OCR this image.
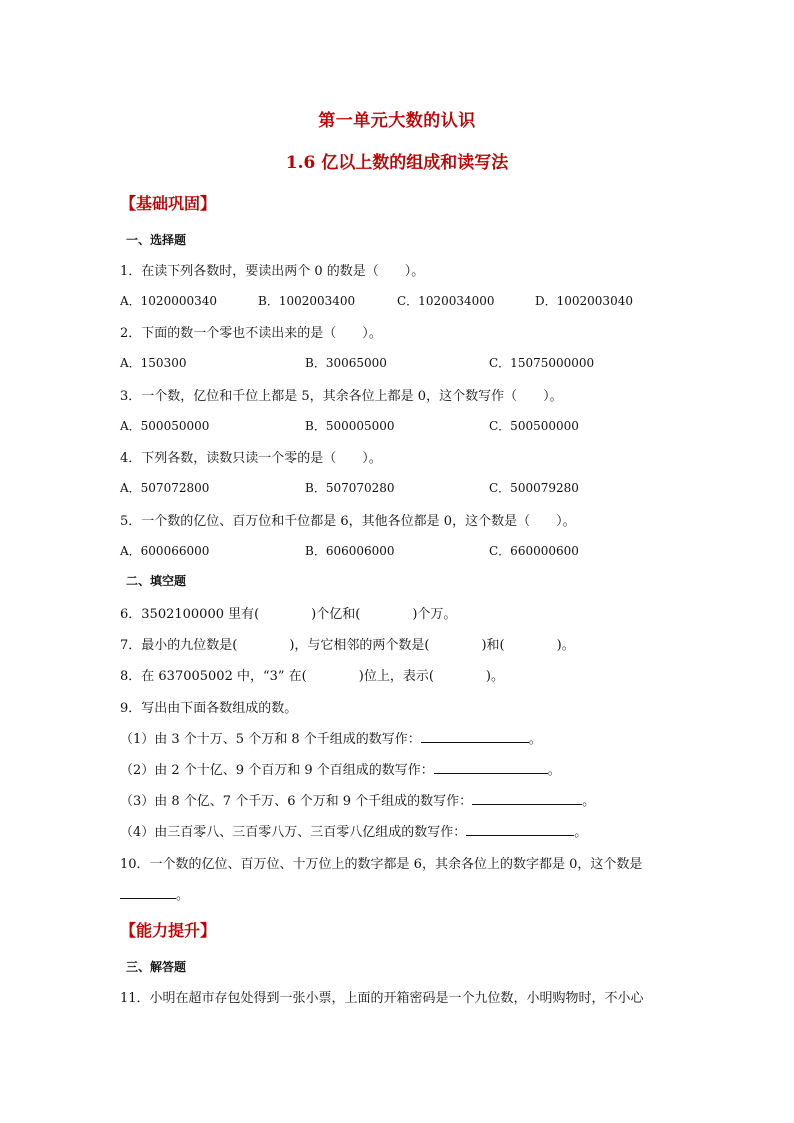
第一单元大数的认识
1.6 亿以上数的组成和读写法
【基础巩固】
一、选择题
1．在读下列各数时，要读出两个 0 的数是（　　）。
A．1020000340	B．1002003400	C．1020034000	D．1002003040
2．下面的数一个零也不读出来的是（　　）。
A．150300	B．30065000	C．15075000000
3．一个数，亿位和千位上都是 5，其余各位上都是 0，这个数写作（　　）。
A．500050000	B．500005000	C．500500000
4．下列各数，读数只读一个零的是（　　）。
A．507072800	B．507070280	C．500079280
5．一个数的亿位、百万位和千位都是 6，其他各位都是 0，这个数是（　　）。
A．600066000	B．606006000	C．660000600
二、填空题
6．3502100000 里有(　　　　)个亿和(　　　　)个万。
7．最小的九位数是(　　　　)，与它相邻的两个数是(　　　　)和(　　　　)。
8．在 637005002 中，“3” 在(　　　　)位上，表示(　　　　)。
9．写出由下面各数组成的数。
（1）由 3 个十万、5 个万和 8 个千组成的数写作：	。
（2）由 2 个十亿、9 个百万和 9 个百组成的数写作：	。
（3）由 8 个亿、7 个千万、6 个万和 9 个千组成的数写作：	。
（4）由三百零八、三百零八万、三百零八亿组成的数写作：	。
10．一个数的亿位、百万位、十万位上的数字都是 6，其余各位上的数字都是 0，这个数是
。
【能力提升】
三、解答题
11．小明在超市存包处得到一张小票，上面的开箱密码是一个九位数，小明购物时，不小心
